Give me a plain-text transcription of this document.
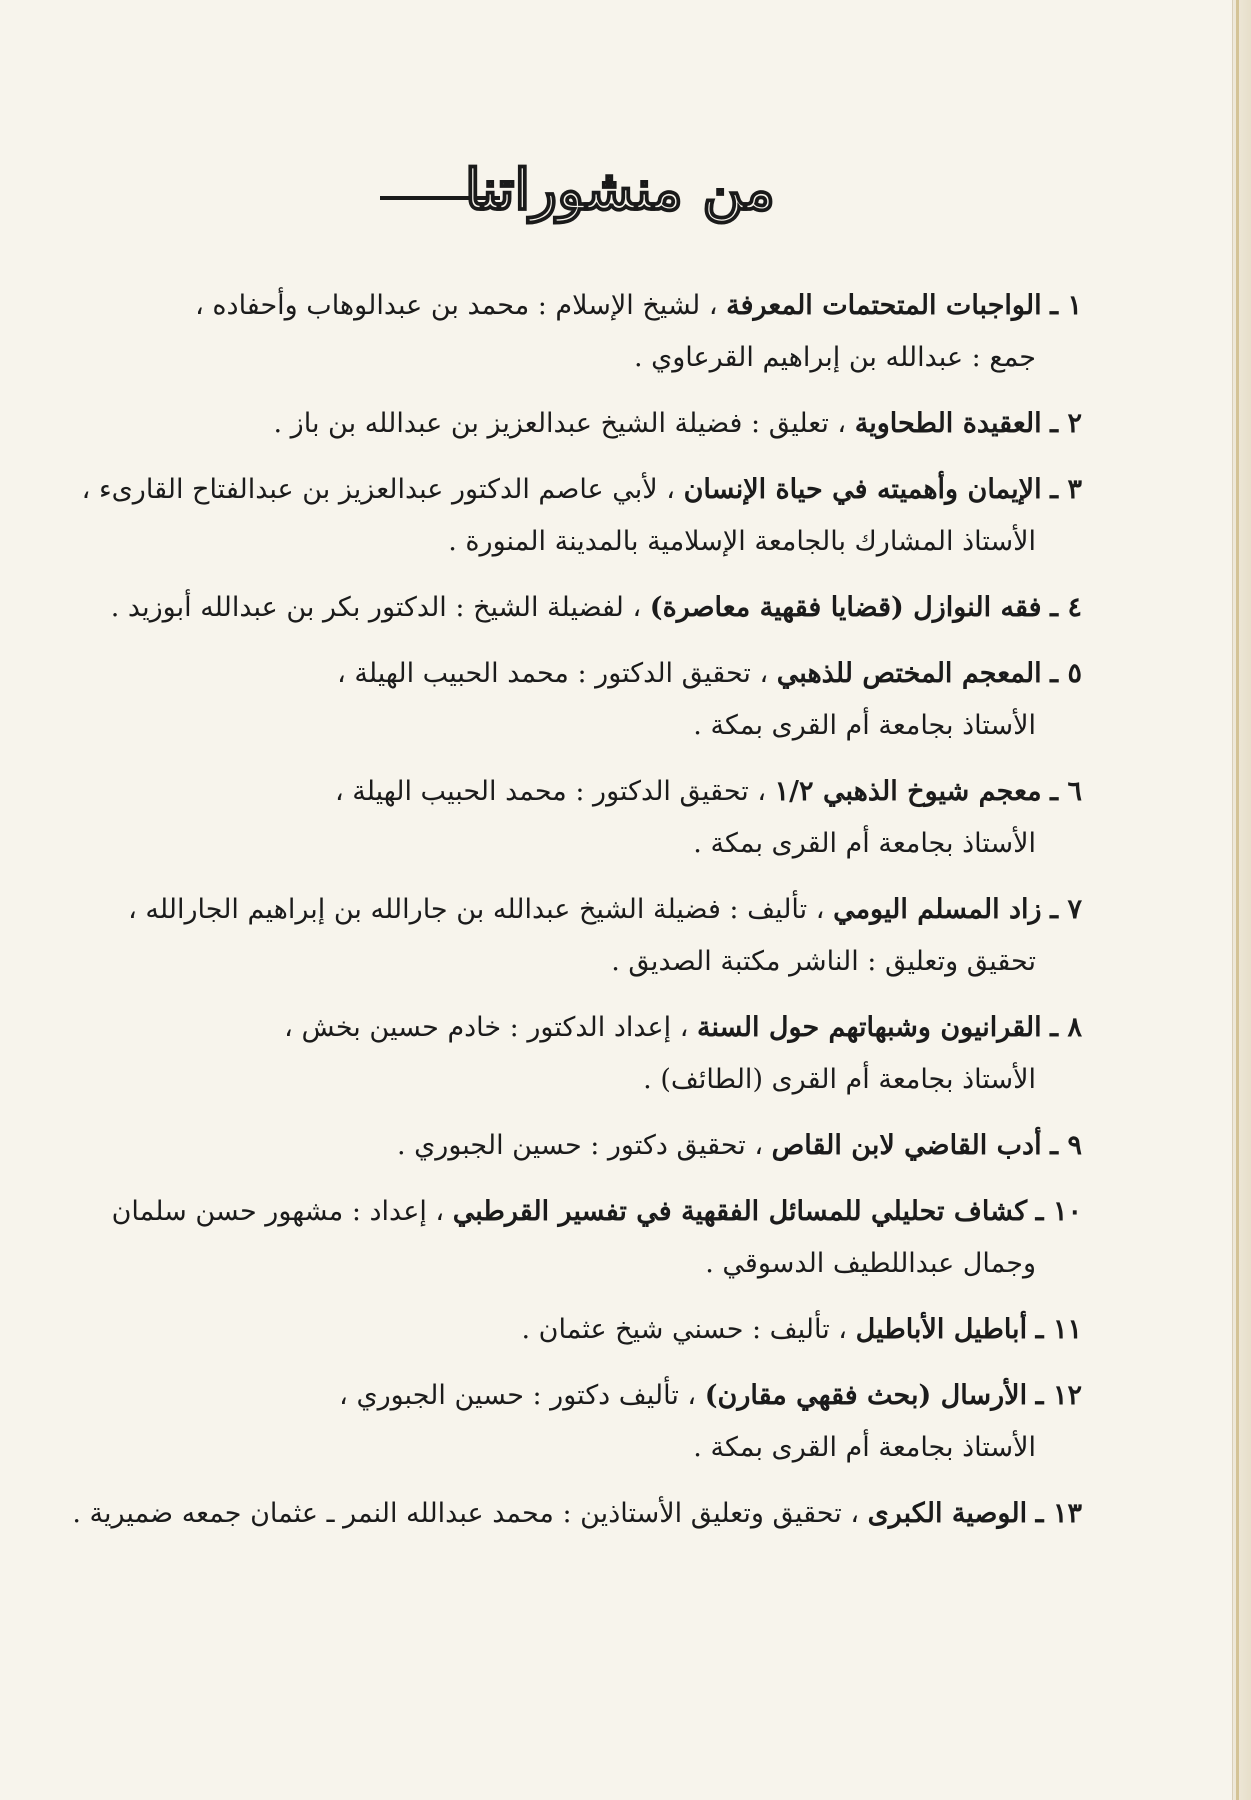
من منشوراتنا
١ ـ الواجبات المتحتمات المعرفة ، لشيخ الإسلام : محمد بن عبدالوهاب وأحفاده ،
جمع : عبدالله بن إبراهيم القرعاوي .
٢ ـ العقيدة الطحاوية ، تعليق : فضيلة الشيخ عبدالعزيز بن عبدالله بن باز .
٣ ـ الإيمان وأهميته في حياة الإنسان ، لأبي عاصم الدكتور عبدالعزيز بن عبدالفتاح القارىء ،
الأستاذ المشارك بالجامعة الإسلامية بالمدينة المنورة .
٤ ـ فقه النوازل (قضايا فقهية معاصرة) ، لفضيلة الشيخ : الدكتور بكر بن عبدالله أبوزيد .
٥ ـ المعجم المختص للذهبي ، تحقيق الدكتور : محمد الحبيب الهيلة ،
الأستاذ بجامعة أم القرى بمكة .
٦ ـ معجم شيوخ الذهبي ١/٢ ، تحقيق الدكتور : محمد الحبيب الهيلة ،
الأستاذ بجامعة أم القرى بمكة .
٧ ـ زاد المسلم اليومي ، تأليف : فضيلة الشيخ عبدالله بن جارالله بن إبراهيم الجارالله ،
تحقيق وتعليق : الناشر مكتبة الصديق .
٨ ـ القرانيون وشبهاتهم حول السنة ، إعداد الدكتور : خادم حسين بخش ،
الأستاذ بجامعة أم القرى (الطائف) .
٩ ـ أدب القاضي لابن القاص ، تحقيق دكتور : حسين الجبوري .
١٠ ـ كشاف تحليلي للمسائل الفقهية في تفسير القرطبي ، إعداد : مشهور حسن سلمان
وجمال عبداللطيف الدسوقي .
١١ ـ أباطيل الأباطيل ، تأليف : حسني شيخ عثمان .
١٢ ـ الأرسال (بحث فقهي مقارن) ، تأليف دكتور : حسين الجبوري ،
الأستاذ بجامعة أم القرى بمكة .
١٣ ـ الوصية الكبرى ، تحقيق وتعليق الأستاذين : محمد عبدالله النمر ـ عثمان جمعه ضميرية .
